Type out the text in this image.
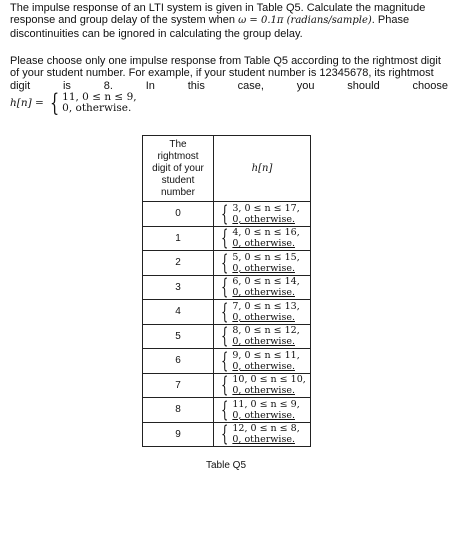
The impulse response of an LTI system is given in Table Q5. Calculate the magnitude
response and group delay of the system when ω = 0.1π (radians/sample). Phase
discontinuities can be ignored in calculating the group delay.
Please choose only one impulse response from Table Q5 according to the rightmost digit
of your student number. For example, if your student number is 12345678, its rightmost
digit	is	8.	In	this	case,	you	should	choose
h[n] = { 11, 0 ≤ n ≤ 9,
0, otherwise.
The
rightmost
digit of your
student
number	h[n]
0	{ 3, 0 ≤ n ≤ 17,
0, otherwise.

1	{ 4, 0 ≤ n ≤ 16,
0, otherwise.

2	{ 5, 0 ≤ n ≤ 15,
0, otherwise.

3	{ 6, 0 ≤ n ≤ 14,
0, otherwise.

4	{ 7, 0 ≤ n ≤ 13,
0, otherwise.

5	{ 8, 0 ≤ n ≤ 12,
0, otherwise.

6	{ 9, 0 ≤ n ≤ 11,
0, otherwise.

7	{ 10, 0 ≤ n ≤ 10,
0, otherwise.

8	{ 11, 0 ≤ n ≤ 9,
0, otherwise.

9	{ 12, 0 ≤ n ≤ 8,
0, otherwise.
Table Q5
